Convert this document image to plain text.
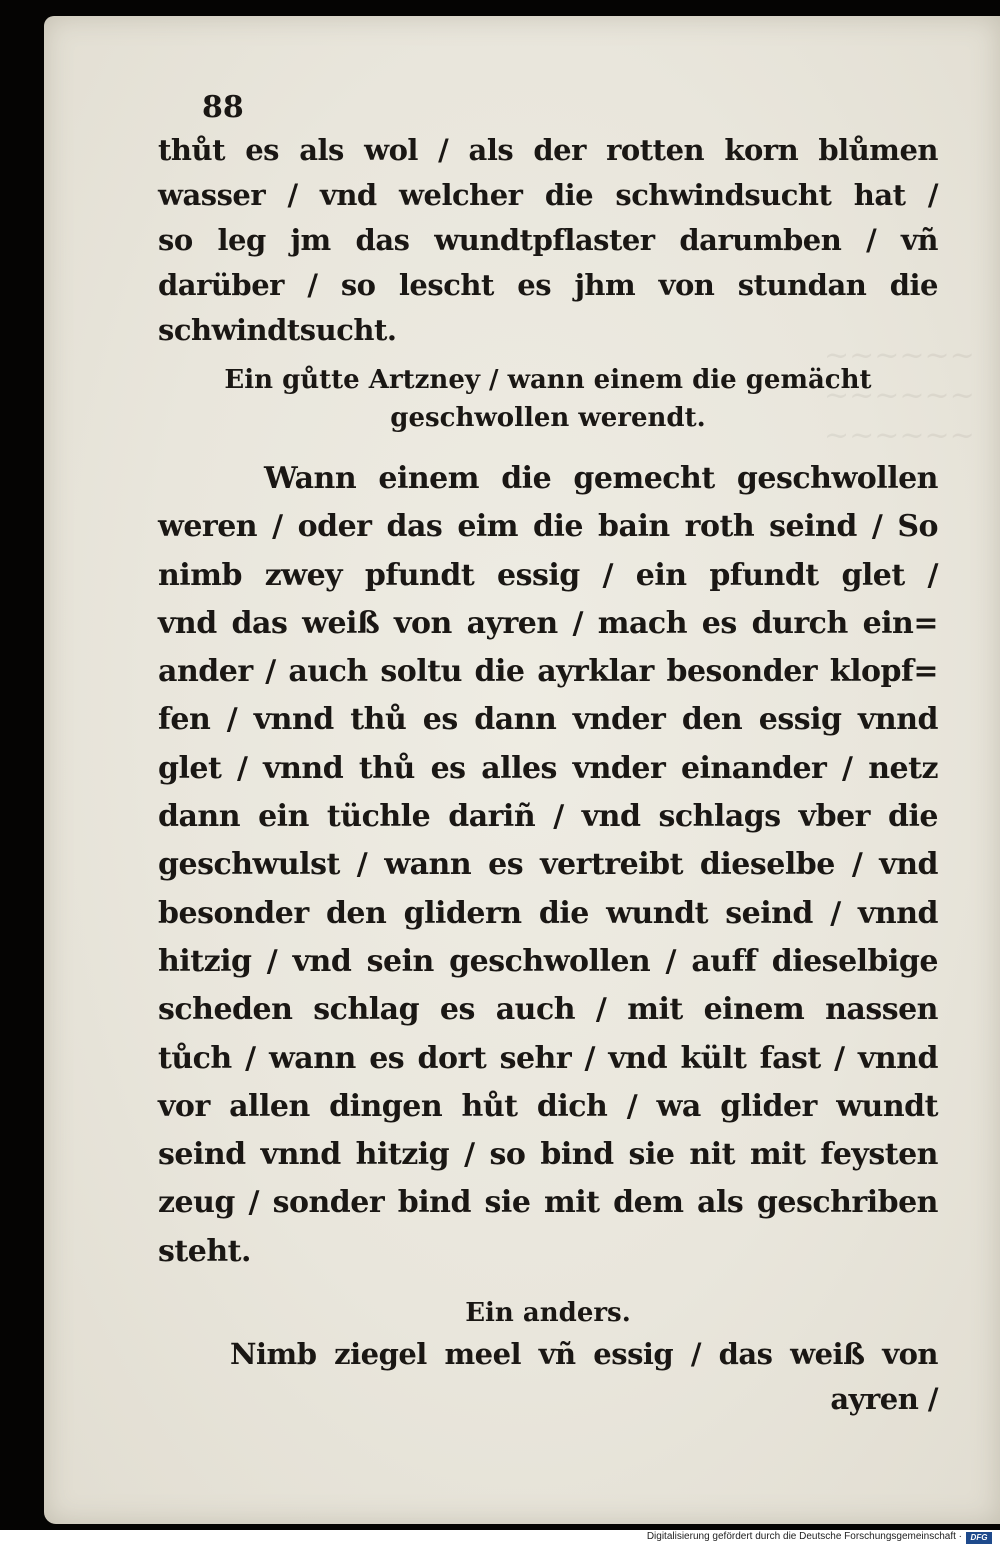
~~~~~~
~~~~~~
~~~~~~
88
thůt es als wol / als der rotten korn blůmen
wasser / vnd welcher die schwindsucht hat /
so leg jm das wundtpflaster darumben / vñ
darüber / so lescht es jhm von stundan die
schwindtsucht.
Ein gůtte Artzney / wann einem die gemächt
geschwollen werendt.
Wann einem die gemecht geschwollen
weren / oder das eim die bain roth seind / So
nimb zwey pfundt essig / ein pfundt glet /
vnd das weiß von ayren / mach es durch ein=
ander / auch soltu die ayrklar besonder klopf=
fen / vnnd thů es dann vnder den essig vnnd
glet / vnnd thů es alles vnder einander / netz
dann ein tüchle dariñ / vnd schlags vber die
geschwulst / wann es vertreibt dieselbe / vnd
besonder den glidern die wundt seind / vnnd
hitzig / vnd sein geschwollen / auff dieselbige
scheden schlag es auch / mit einem nassen
tůch / wann es dort sehr / vnd kült fast / vnnd
vor allen dingen hůt dich / wa glider wundt
seind vnnd hitzig / so bind sie nit mit feysten
zeug / sonder bind sie mit dem als geschriben
steht.
Ein anders.
Nimb ziegel meel vñ essig / das weiß von
ayren /
Digitalisierung gefördert durch die Deutsche Forschungsgemeinschaft ·	DFG
